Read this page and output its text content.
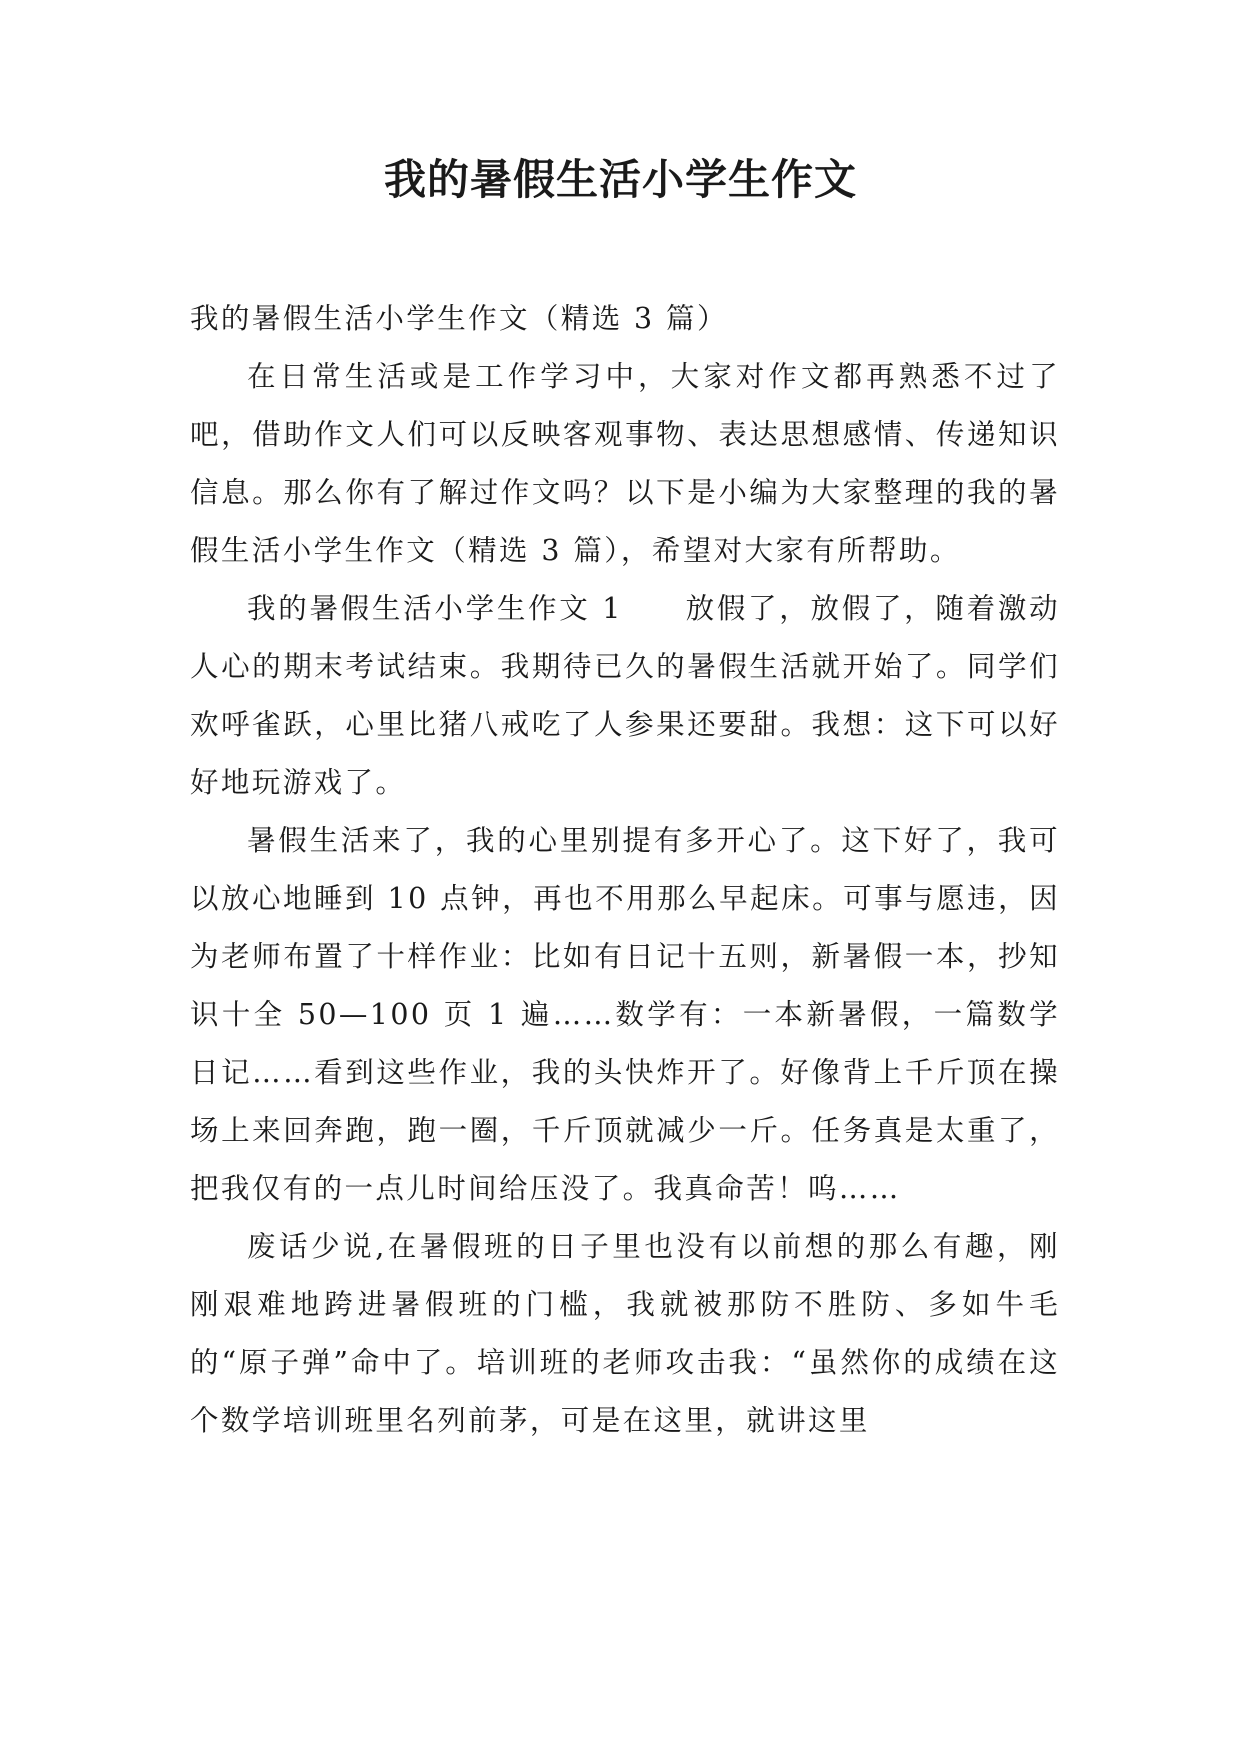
我的暑假生活小学生作文

我的暑假生活小学生作文（精选 3 篇）

在日常生活或是工作学习中，大家对作文都再熟悉不过了吧，借助作文人们可以反映客观事物、表达思想感情、传递知识信息。那么你有了解过作文吗？以下是小编为大家整理的我的暑假生活小学生作文（精选 3 篇），希望对大家有所帮助。

我的暑假生活小学生作文 1　　放假了，放假了，随着激动人心的期末考试结束。我期待已久的暑假生活就开始了。同学们欢呼雀跃，心里比猪八戒吃了人参果还要甜。我想：这下可以好好地玩游戏了。

暑假生活来了，我的心里别提有多开心了。这下好了，我可以放心地睡到 10 点钟，再也不用那么早起床。可事与愿违，因为老师布置了十样作业：比如有日记十五则，新暑假一本，抄知识十全 50—100 页 1 遍……数学有：一本新暑假，一篇数学日记……看到这些作业，我的头快炸开了。好像背上千斤顶在操场上来回奔跑，跑一圈，千斤顶就减少一斤。任务真是太重了，把我仅有的一点儿时间给压没了。我真命苦！呜……

废话少说,在暑假班的日子里也没有以前想的那么有趣，刚刚艰难地跨进暑假班的门槛，我就被那防不胜防、多如牛毛的“原子弹”命中了。培训班的老师攻击我：“虽然你的成绩在这个数学培训班里名列前茅，可是在这里，就讲这里
